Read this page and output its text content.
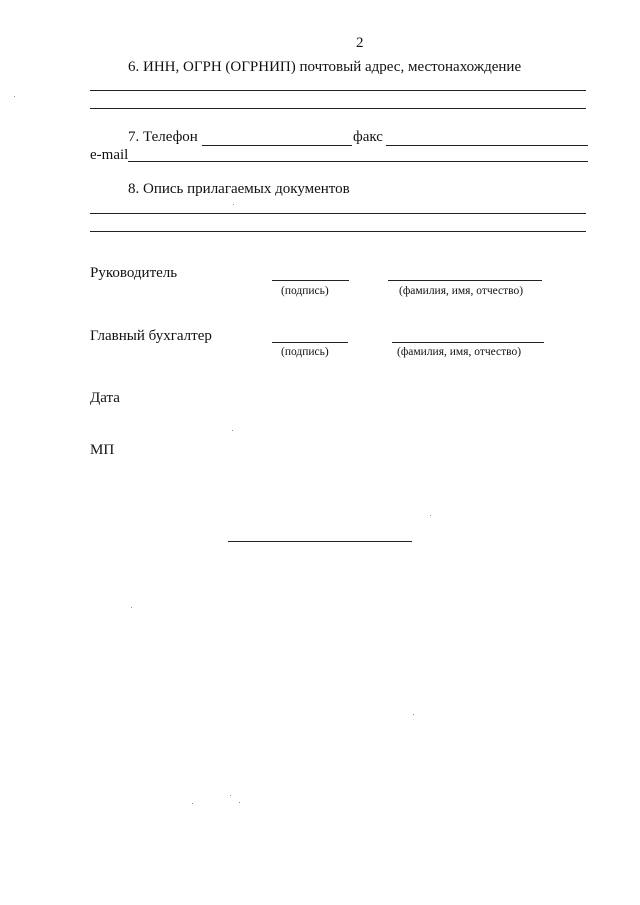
2
6. ИНН, ОГРН (ОГРНИП) почтовый адрес, местонахождение
7. Телефон	факс
e-mail
8. Опись прилагаемых документов
Руководитель
(подпись)	(фамилия, имя, отчество)
Главный бухгалтер
(подпись)	(фамилия, имя, отчество)
Дата
МП
